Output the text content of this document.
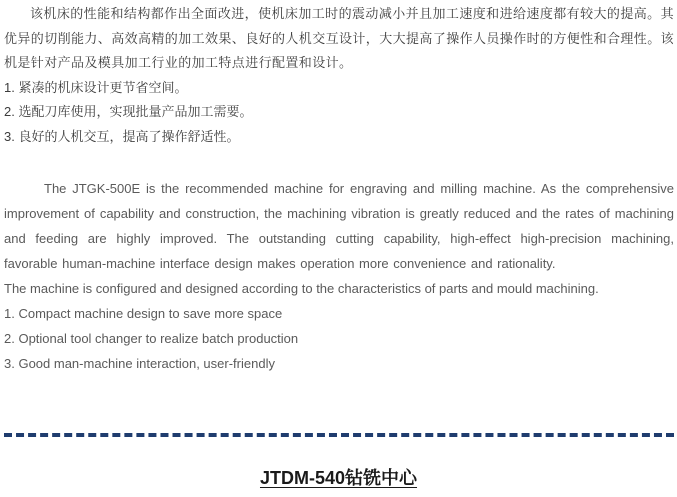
该机床的性能和结构都作出全面改进，使机床加工时的震动减小并且加工速度和进给速度都有较大的提高。其优异的切削能力、高效高精的加工效果、良好的人机交互设计，大大提高了操作人员操作时的方便性和合理性。该机是针对产品及模具加工行业的加工特点进行配置和设计。

1. 紧凑的机床设计更节省空间。

2. 选配刀库使用，实现批量产品加工需要。

3. 良好的人机交互，提高了操作舒适性。

The JTGK-500E is the recommended machine for engraving and milling machine. As the comprehensive improvement of capability and construction, the machining vibration is greatly reduced and the rates of machining and feeding are highly improved. The outstanding cutting capability, high-effect high-precision machining, favorable human-machine interface design makes operation more convenience and rationality.

The machine is configured and designed according to the characteristics of parts and mould machining.

1. Compact machine design to save more space

2. Optional tool changer to realize batch production

3. Good man-machine interaction, user-friendly

JTDM-540钻铣中心
